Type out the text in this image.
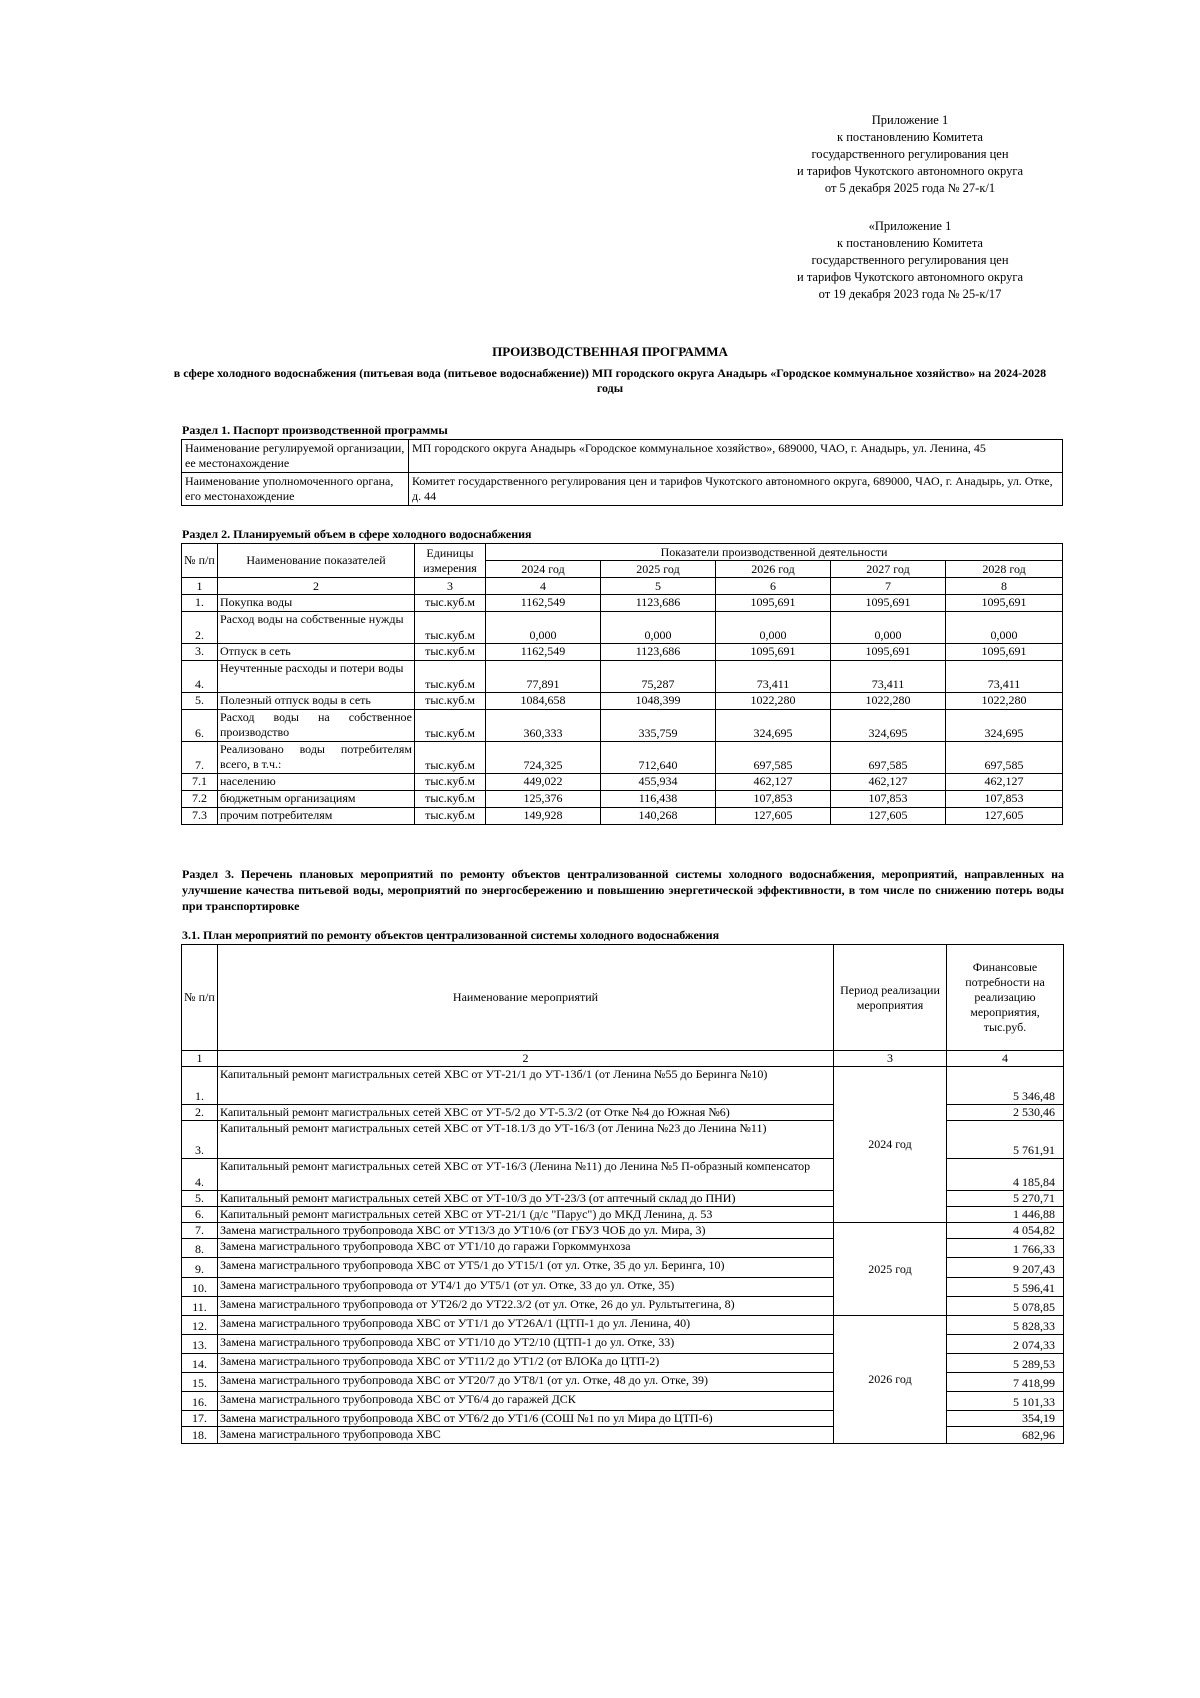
Приложение 1
к постановлению Комитета
государственного регулирования цен
и тарифов Чукотского автономного округа
от 5 декабря 2025 года № 27-к/1
«Приложение 1
к постановлению Комитета
государственного регулирования цен
и тарифов Чукотского автономного округа
от 19 декабря 2023 года № 25-к/17
ПРОИЗВОДСТВЕННАЯ ПРОГРАММА
в сфере холодного водоснабжения (питьевая вода (питьевое водоснабжение)) МП городского округа Анадырь «Городское коммунальное хозяйство» на 2024-2028 годы
Раздел 1. Паспорт производственной программы
Наименование регулируемой организации, ее местонахождение	МП городского округа Анадырь «Городское коммунальное хозяйство», 689000, ЧАО, г. Анадырь, ул. Ленина, 45
Наименование уполномоченного органа, его местонахождение	Комитет государственного регулирования цен и тарифов Чукотского автономного округа, 689000, ЧАО, г. Анадырь, ул. Отке, д. 44
Раздел 2. Планируемый объем в сфере холодного водоснабжения
№ п/п	Наименование показателей	Единицы измерения	Показатели производственной деятельности				
			2024 год	2025 год	2026 год	2027 год	2028 год
1	2	3	4	5	6	7	8
1.	Покупка воды	тыс.куб.м	1162,549	1123,686	1095,691	1095,691	1095,691
2.	Расход воды на собственные нужды	тыс.куб.м	0,000	0,000	0,000	0,000	0,000
3.	Отпуск в сеть	тыс.куб.м	1162,549	1123,686	1095,691	1095,691	1095,691
4.	Неучтенные расходы и потери воды	тыс.куб.м	77,891	75,287	73,411	73,411	73,411
5.	Полезный отпуск воды в сеть	тыс.куб.м	1084,658	1048,399	1022,280	1022,280	1022,280
6.	Расход воды на собственное производство	тыс.куб.м	360,333	335,759	324,695	324,695	324,695
7.	Реализовано воды потребителям всего, в т.ч.:	тыс.куб.м	724,325	712,640	697,585	697,585	697,585
7.1	населению	тыс.куб.м	449,022	455,934	462,127	462,127	462,127
7.2	бюджетным организациям	тыс.куб.м	125,376	116,438	107,853	107,853	107,853
7.3	прочим потребителям	тыс.куб.м	149,928	140,268	127,605	127,605	127,605
Раздел 3. Перечень плановых мероприятий по ремонту объектов централизованной системы холодного водоснабжения, мероприятий, направленных на улучшение качества питьевой воды, мероприятий по энергосбережению и повышению энергетической эффективности, в том числе по снижению потерь воды при транспортировке
3.1. План мероприятий по ремонту объектов централизованной системы холодного водоснабжения
№ п/п	Наименование мероприятий	Период реализации мероприятия	Финансовые потребности на реализацию мероприятия, тыс.руб.
1	2	3	4
1.	Капитальный ремонт магистральных сетей ХВС от УТ-21/1 до УТ-13б/1 (от Ленина №55 до Беринга №10)	2024 год	5 346,48
2.	Капитальный ремонт магистральных сетей ХВС от УТ-5/2 до УТ-5.3/2 (от Отке №4 до Южная №6)		2 530,46
3.	Капитальный ремонт магистральных сетей ХВС от УТ-18.1/3 до УТ-16/3 (от Ленина №23 до Ленина №11)		5 761,91
4.	Капитальный ремонт магистральных сетей ХВС от УТ-16/3 (Ленина №11) до Ленина №5 П-образный компенсатор		4 185,84
5.	Капитальный ремонт магистральных сетей ХВС от УТ-10/3 до УТ-23/3 (от аптечный склад до ПНИ)		5 270,71
6.	Капитальный ремонт магистральных сетей ХВС от УТ-21/1 (д/с "Парус") до МКД Ленина, д. 53		1 446,88
7.	Замена магистрального трубопровода ХВС от УТ13/3 до УТ10/6 (от ГБУЗ ЧОБ до ул. Мира, 3)	2025 год	4 054,82
8.	Замена магистрального трубопровода ХВС от УТ1/10 до гаражи Горкоммунхоза		1 766,33
9.	Замена магистрального трубопровода ХВС от УТ5/1 до УТ15/1 (от ул. Отке, 35 до ул. Беринга, 10)		9 207,43
10.	Замена магистрального трубопровода от УТ4/1 до УТ5/1 (от ул. Отке, 33 до ул. Отке, 35)		5 596,41
11.	Замена магистрального трубопровода от УТ26/2 до УТ22.3/2 (от ул. Отке, 26 до ул. Рультытегина, 8)		5 078,85
12.	Замена магистрального трубопровода ХВС от УТ1/1 до УТ26А/1 (ЦТП-1 до ул. Ленина, 40)	2026 год	5 828,33
13.	Замена магистрального трубопровода ХВС от УТ1/10 до УТ2/10 (ЦТП-1 до ул. Отке, 33)		2 074,33
14.	Замена магистрального трубопровода ХВС от УТ11/2 до УТ1/2 (от ВЛОКа до ЦТП-2)		5 289,53
15.	Замена магистрального трубопровода ХВС от УТ20/7 до УТ8/1 (от ул. Отке, 48 до ул. Отке, 39)		7 418,99
16.	Замена магистрального трубопровода ХВС от УТ6/4 до гаражей ДСК		5 101,33
17.	Замена магистрального трубопровода ХВС от УТ6/2 до УТ1/6 (СОШ №1 по ул Мира до ЦТП-6)		354,19
18.	Замена магистрального трубопровода ХВС		682,96
